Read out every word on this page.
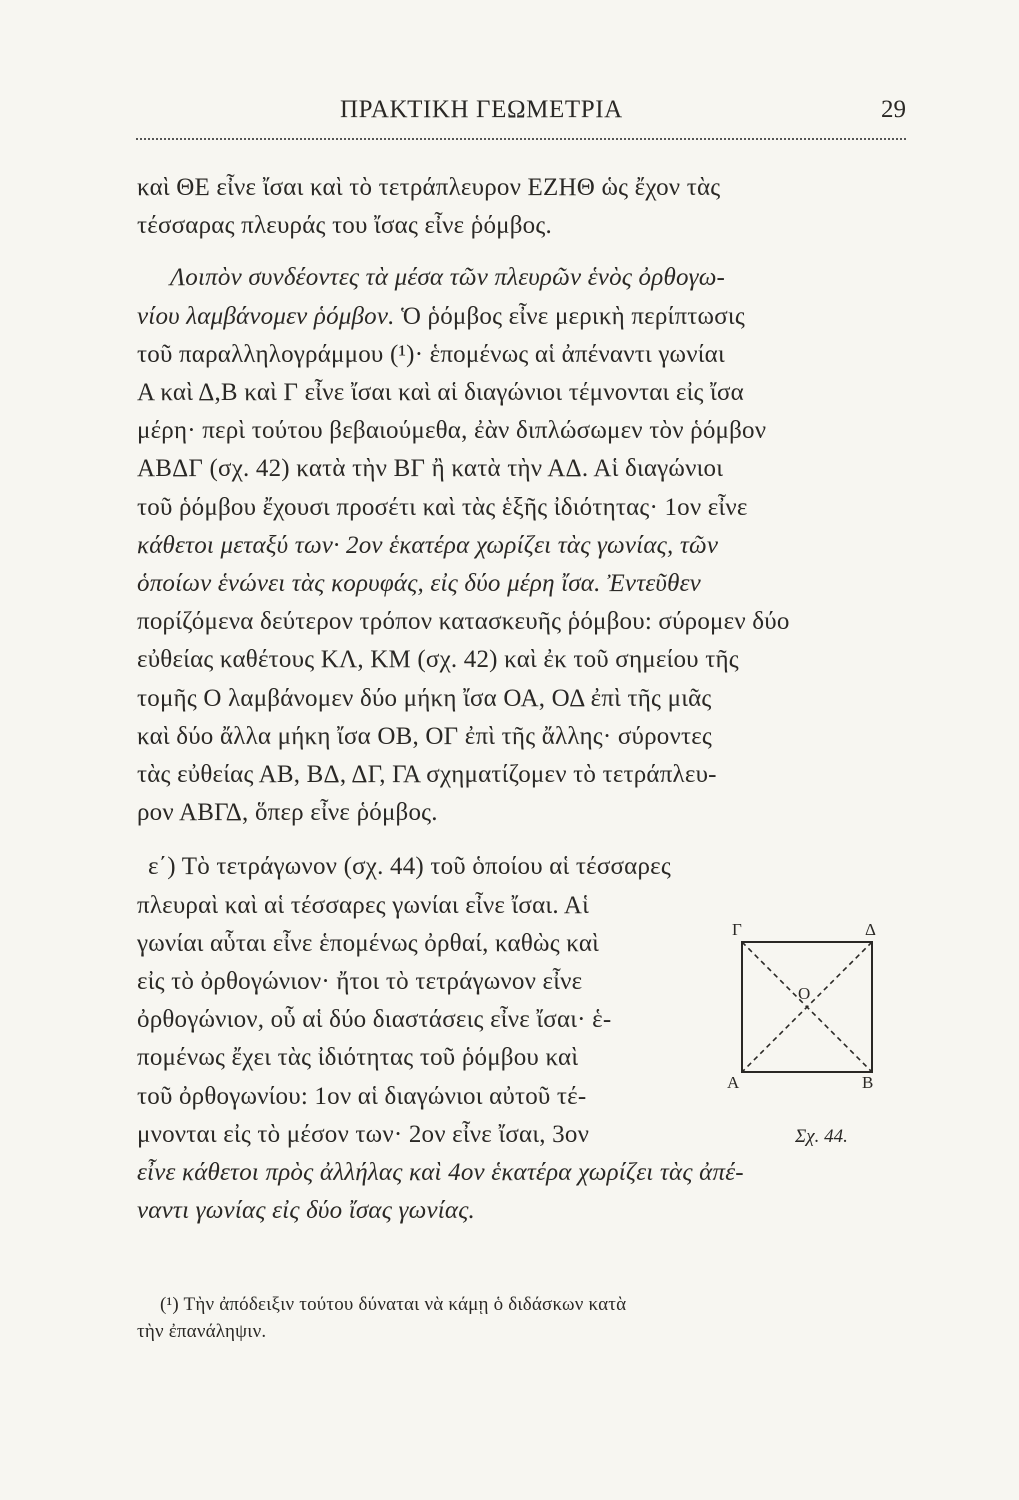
ΠΡΑΚΤΙΚΗ ΓΕΩΜΕΤΡΙΑ	29
καὶ ΘΕ εἶνε ἴσαι καὶ τὸ τετράπλευρον ΕΖΗΘ ὡς ἔχον τὰς
τέσσαρας πλευράς του ἴσας εἶνε ῥόμβος.
Λοιπὸν συνδέοντες τὰ μέσα τῶν πλευρῶν ἑνὸς ὀρθογω-
νίου λαμβάνομεν ῥόμβον. Ὁ ῥόμβος εἶνε μερικὴ περίπτωσις
τοῦ παραλληλογράμμου (¹)· ἑπομένως αἱ ἀπέναντι γωνίαι
Α καὶ Δ,Β καὶ Γ εἶνε ἴσαι καὶ αἱ διαγώνιοι τέμνονται εἰς ἴσα
μέρη· περὶ τούτου βεβαιούμεθα, ἐὰν διπλώσωμεν τὸν ῥόμβον
ΑΒΔΓ (σχ. 42) κατὰ τὴν ΒΓ ἢ κατὰ τὴν ΑΔ. Αἱ διαγώνιοι
τοῦ ῥόμβου ἔχουσι προσέτι καὶ τὰς ἑξῆς ἰδιότητας· 1ον εἶνε
κάθετοι μεταξύ των· 2ον ἑκατέρα χωρίζει τὰς γωνίας, τῶν
ὁποίων ἑνώνει τὰς κορυφάς, εἰς δύο μέρη ἴσα. Ἐντεῦθεν
πορίζόμενα δεύτερον τρόπον κατασκευῆς ῥόμβου: σύρομεν δύο
εὐθείας καθέτους ΚΛ, ΚΜ (σχ. 42) καὶ ἐκ τοῦ σημείου τῆς
τομῆς Ο λαμβάνομεν δύο μήκη ἴσα ΟΑ, ΟΔ ἐπὶ τῆς μιᾶς
καὶ δύο ἄλλα μήκη ἴσα ΟΒ, ΟΓ ἐπὶ τῆς ἄλλης· σύροντες
τὰς εὐθείας ΑΒ, ΒΔ, ΔΓ, ΓΑ σχηματίζομεν τὸ τετράπλευ-
ρον ΑΒΓΔ, ὅπερ εἶνε ῥόμβος.
ε΄) Τὸ τετράγωνον (σχ. 44) τοῦ ὁποίου αἱ τέσσαρες
πλευραὶ καὶ αἱ τέσσαρες γωνίαι εἶνε ἴσαι. Αἱ
γωνίαι αὗται εἶνε ἑπομένως ὀρθαί, καθὼς καὶ
εἰς τὸ ὀρθογώνιον· ἤτοι τὸ τετράγωνον εἶνε
ὀρθογώνιον, οὗ αἱ δύο διαστάσεις εἶνε ἴσαι· ἑ-
πομένως ἔχει τὰς ἰδιότητας τοῦ ῥόμβου καὶ
τοῦ ὀρθογωνίου: 1ον αἱ διαγώνιοι αὐτοῦ τέ-
μνονται εἰς τὸ μέσον των· 2ον εἶνε ἴσαι, 3ον
εἶνε κάθετοι πρὸς ἀλλήλας καὶ 4ον ἑκατέρα χωρίζει τὰς ἀπέ-
ναντι γωνίας εἰς δύο ἴσας γωνίας.
Γ	Δ
Α	Β
Ο
Σχ. 44.
(¹) Τὴν ἀπόδειξιν τούτου δύναται νὰ κάμῃ ὁ διδάσκων κατὰ
τὴν ἐπανάληψιν.
